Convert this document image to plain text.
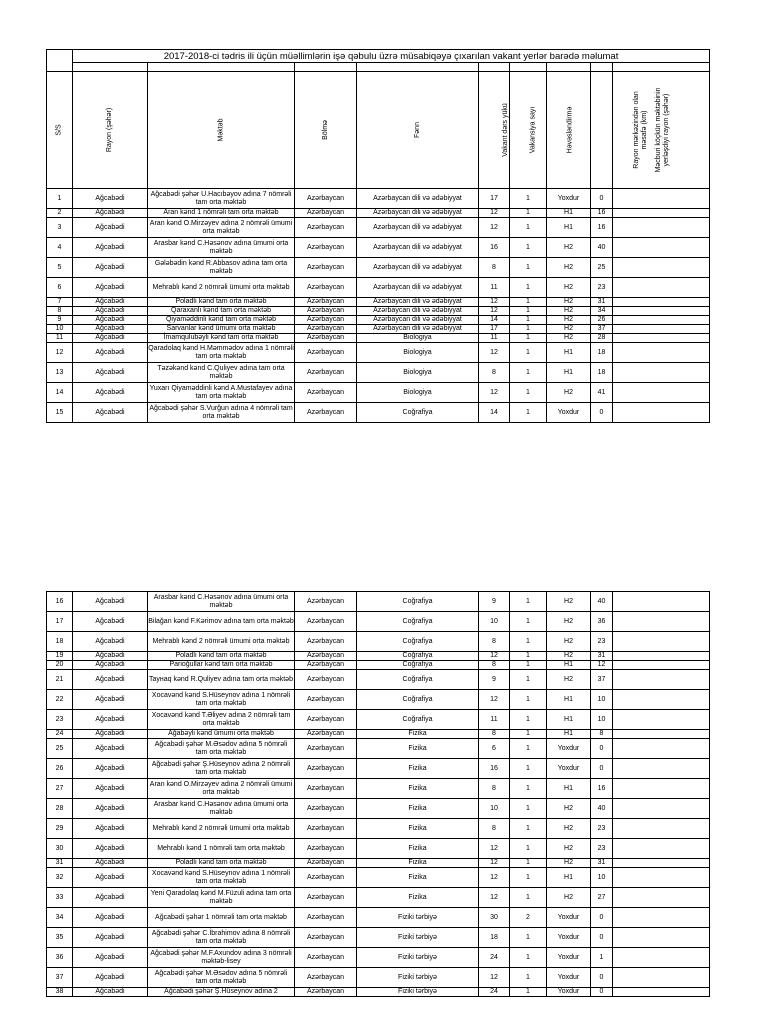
	2017-2018-ci tədris ili üçün müəllimlərin işə qəbulu üzrə müsabiqəyə çıxarılan vakant yerlər barədə məlumat								

S/S	Rayon (şəhər)	Məktəb	Bölmə	Fənn	Vakant dərs yükü	Vakansiya sayı	Həvəsləndirmə	Rayon mərkəzindən olan məsafə (km)	Məcburi köçkün məktəbinin yerləşdiyi rayon (şəhər)
1	Ağcabədi	Ağcabədi şəhər U.Hacıbəyov adına 7 nömrəli tam orta məktəb	Azərbaycan	Azərbaycan dili və ədəbiyyat	17	1	Yoxdur	0	
2	Ağcabədi	Aran kənd 1 nömrəli tam orta məktəb	Azərbaycan	Azərbaycan dili və ədəbiyyat	12	1	H1	16	
3	Ağcabədi	Aran kənd O.Mirzəyev adına 2 nömrəli ümumi orta məktəb	Azərbaycan	Azərbaycan dili və ədəbiyyat	12	1	H1	16	
4	Ağcabədi	Arasbar kənd C.Həsənov adına ümumi orta məktəb	Azərbaycan	Azərbaycan dili və ədəbiyyat	16	1	H2	40	
5	Ağcabədi	Gələbədin kənd R.Abbasov adına tam orta məktəb	Azərbaycan	Azərbaycan dili və ədəbiyyat	8	1	H2	25	
6	Ağcabədi	Mehrablı kənd 2 nömrəli ümumi orta məktəb	Azərbaycan	Azərbaycan dili və ədəbiyyat	11	1	H2	23	
7	Ağcabədi	Poladlı kənd tam orta məktəb	Azərbaycan	Azərbaycan dili və ədəbiyyat	12	1	H2	31	
8	Ağcabədi	Qaraxanlı kənd tam orta məktəb	Azərbaycan	Azərbaycan dili və ədəbiyyat	12	1	H2	34	
9	Ağcabədi	Qiyaməddinli kənd tam orta məktəb	Azərbaycan	Azərbaycan dili və ədəbiyyat	14	1	H2	26	
10	Ağcabədi	Sarvanlar kənd ümumi orta məktəb	Azərbaycan	Azərbaycan dili və ədəbiyyat	17	1	H2	37	
11	Ağcabədi	İmamqulubəyli kənd tam orta məktəb	Azərbaycan	Biologiya	11	1	H2	28	
12	Ağcabədi	Qaradolaq kənd H.Məmmədov adına 1 nömrəli tam orta məktəb	Azərbaycan	Biologiya	12	1	H1	18	
13	Ağcabədi	Təzəkənd kənd C.Quliyev adına tam orta məktəb	Azərbaycan	Biologiya	8	1	H1	18	
14	Ağcabədi	Yuxarı Qiyaməddinli kənd A.Mustafayev adına tam orta məktəb	Azərbaycan	Biologiya	12	1	H2	41	
15	Ağcabədi	Ağcabədi şəhər S.Vurğun adına 4 nömrəli tam orta məktəb	Azərbaycan	Coğrafiya	14	1	Yoxdur	0	
16	Ağcabədi	Arasbar kənd C.Həsənov adına ümumi orta məktəb	Azərbaycan	Coğrafiya	9	1	H2	40	
17	Ağcabədi	Bilağan kənd F.Kərimov adına tam orta məktəb	Azərbaycan	Coğrafiya	10	1	H2	36	
18	Ağcabədi	Mehrablı kənd 2 nömrəli ümumi orta məktəb	Azərbaycan	Coğrafiya	8	1	H2	23	
19	Ağcabədi	Poladlı kənd tam orta məktəb	Azərbaycan	Coğrafiya	12	1	H2	31	
20	Ağcabədi	Parioğullar kənd tam orta məktəb	Azərbaycan	Coğrafiya	8	1	H1	12	
21	Ağcabədi	Tayнaq kənd R.Quliyev adına tam orta məktəb	Azərbaycan	Coğrafiya	9	1	H2	37	
22	Ağcabədi	Xocavənd kənd S.Hüseynov adına 1 nömrəli tam orta məktəb	Azərbaycan	Coğrafiya	12	1	H1	10	
23	Ağcabədi	Xocavənd kənd T.Əliyev adına 2 nömrəli tam orta məktəb	Azərbaycan	Coğrafiya	11	1	H1	10	
24	Ağcabədi	Ağabəyli kənd ümumi orta məktəb	Azərbaycan	Fizika	8	1	H1	8	
25	Ağcabədi	Ağcabədi şəhər M.Əsədov adına 5 nömrəli tam orta məktəb	Azərbaycan	Fizika	6	1	Yoxdur	0	
26	Ağcabədi	Ağcabədi şəhər Ş.Hüseynov adına 2 nömrəli tam orta məktəb	Azərbaycan	Fizika	16	1	Yoxdur	0	
27	Ağcabədi	Aran kənd O.Mirzəyev adına 2 nömrəli ümumi orta məktəb	Azərbaycan	Fizika	8	1	H1	16	
28	Ağcabədi	Arasbar kənd C.Həsənov adına ümumi orta məktəb	Azərbaycan	Fizika	10	1	H2	40	
29	Ağcabədi	Mehrablı kənd 2 nömrəli ümumi orta məktəb	Azərbaycan	Fizika	8	1	H2	23	
30	Ağcabədi	Mehrablı kənd 1 nömrəli tam orta məktəb	Azərbaycan	Fizika	12	1	H2	23	
31	Ağcabədi	Poladlı kənd tam orta məktəb	Azərbaycan	Fizika	12	1	H2	31	
32	Ağcabədi	Xocavənd kənd S.Hüseynov adına 1 nömrəli tam orta məktəb	Azərbaycan	Fizika	12	1	H1	10	
33	Ağcabədi	Yeni Qaradolaq kənd M.Füzuli adına tam orta məktəb	Azərbaycan	Fizika	12	1	H2	27	
34	Ağcabədi	Ağcabədi şəhər 1 nömrəli tam orta məktəb	Azərbaycan	Fiziki tərbiyə	30	2	Yoxdur	0	
35	Ağcabədi	Ağcabədi şəhər C.İbrahimov adına 8 nömrəli tam orta məktəb	Azərbaycan	Fiziki tərbiyə	18	1	Yoxdur	0	
36	Ağcabədi	Ağcabədi şəhər M.F.Axundov adına 3 nömrəli məktəb-lisey	Azərbaycan	Fiziki tərbiyə	24	1	Yoxdur	1	
37	Ağcabədi	Ağcabədi şəhər M.Əsədov adına 5 nömrəli tam orta məktəb	Azərbaycan	Fiziki tərbiyə	12	1	Yoxdur	0	
38	Ağcabədi	Ağcabədi şəhər Ş.Hüseynov adına 2	Azərbaycan	Fiziki tərbiyə	24	1	Yoxdur	0	
